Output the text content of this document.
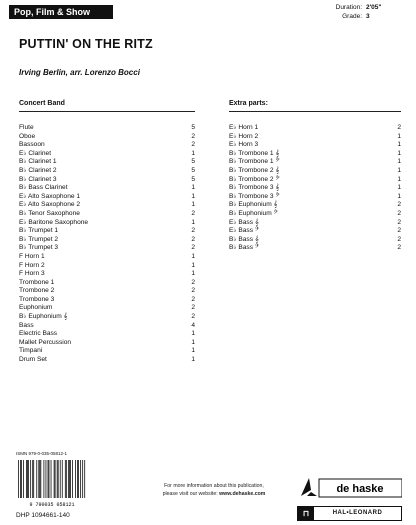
Pop, Film & Show	Duration: 2'05"
Grade: 3
PUTTIN' ON THE RITZ
Irving Berlin, arr. Lorenzo Bocci
Concert Band
Flute	5
Oboe	2
Bassoon	2
E♭ Clarinet	1
B♭ Clarinet 1	5
B♭ Clarinet 2	5
B♭ Clarinet 3	5
B♭ Bass Clarinet	1
E♭ Alto Saxophone 1	1
E♭ Alto Saxophone 2	1
B♭ Tenor Saxophone	2
E♭ Baritone Saxophone	1
B♭ Trumpet 1	2
B♭ Trumpet 2	2
B♭ Trumpet 3	2
F Horn 1	1
F Horn 2	1
F Horn 3	1
Trombone 1	2
Trombone 2	2
Trombone 3	2
Euphonium	2
B♭ Euphonium 𝄞	2
Bass	4
Electric Bass	1
Mallet Percussion	1
Timpani	1
Drum Set	1
Extra parts:
E♭ Horn 1	2
E♭ Horn 2	1
E♭ Horn 3	1
B♭ Trombone 1 𝄞	1
B♭ Trombone 1 𝄢	1
B♭ Trombone 2 𝄞	1
B♭ Trombone 2 𝄢	1
B♭ Trombone 3 𝄞	1
B♭ Trombone 3 𝄢	1
B♭ Euphonium 𝄞	2
B♭ Euphonium 𝄢	2
E♭ Bass 𝄞	2
E♭ Bass 𝄢	2
B♭ Bass 𝄞	2
B♭ Bass 𝄢	2
ISMN 979-0-035-05812-1
9 790035 058121
DHP 1094661-140
For more information about this publication,
please visit our website: www.dehaske.com	de haske
⊓	HAL•LEONARD
